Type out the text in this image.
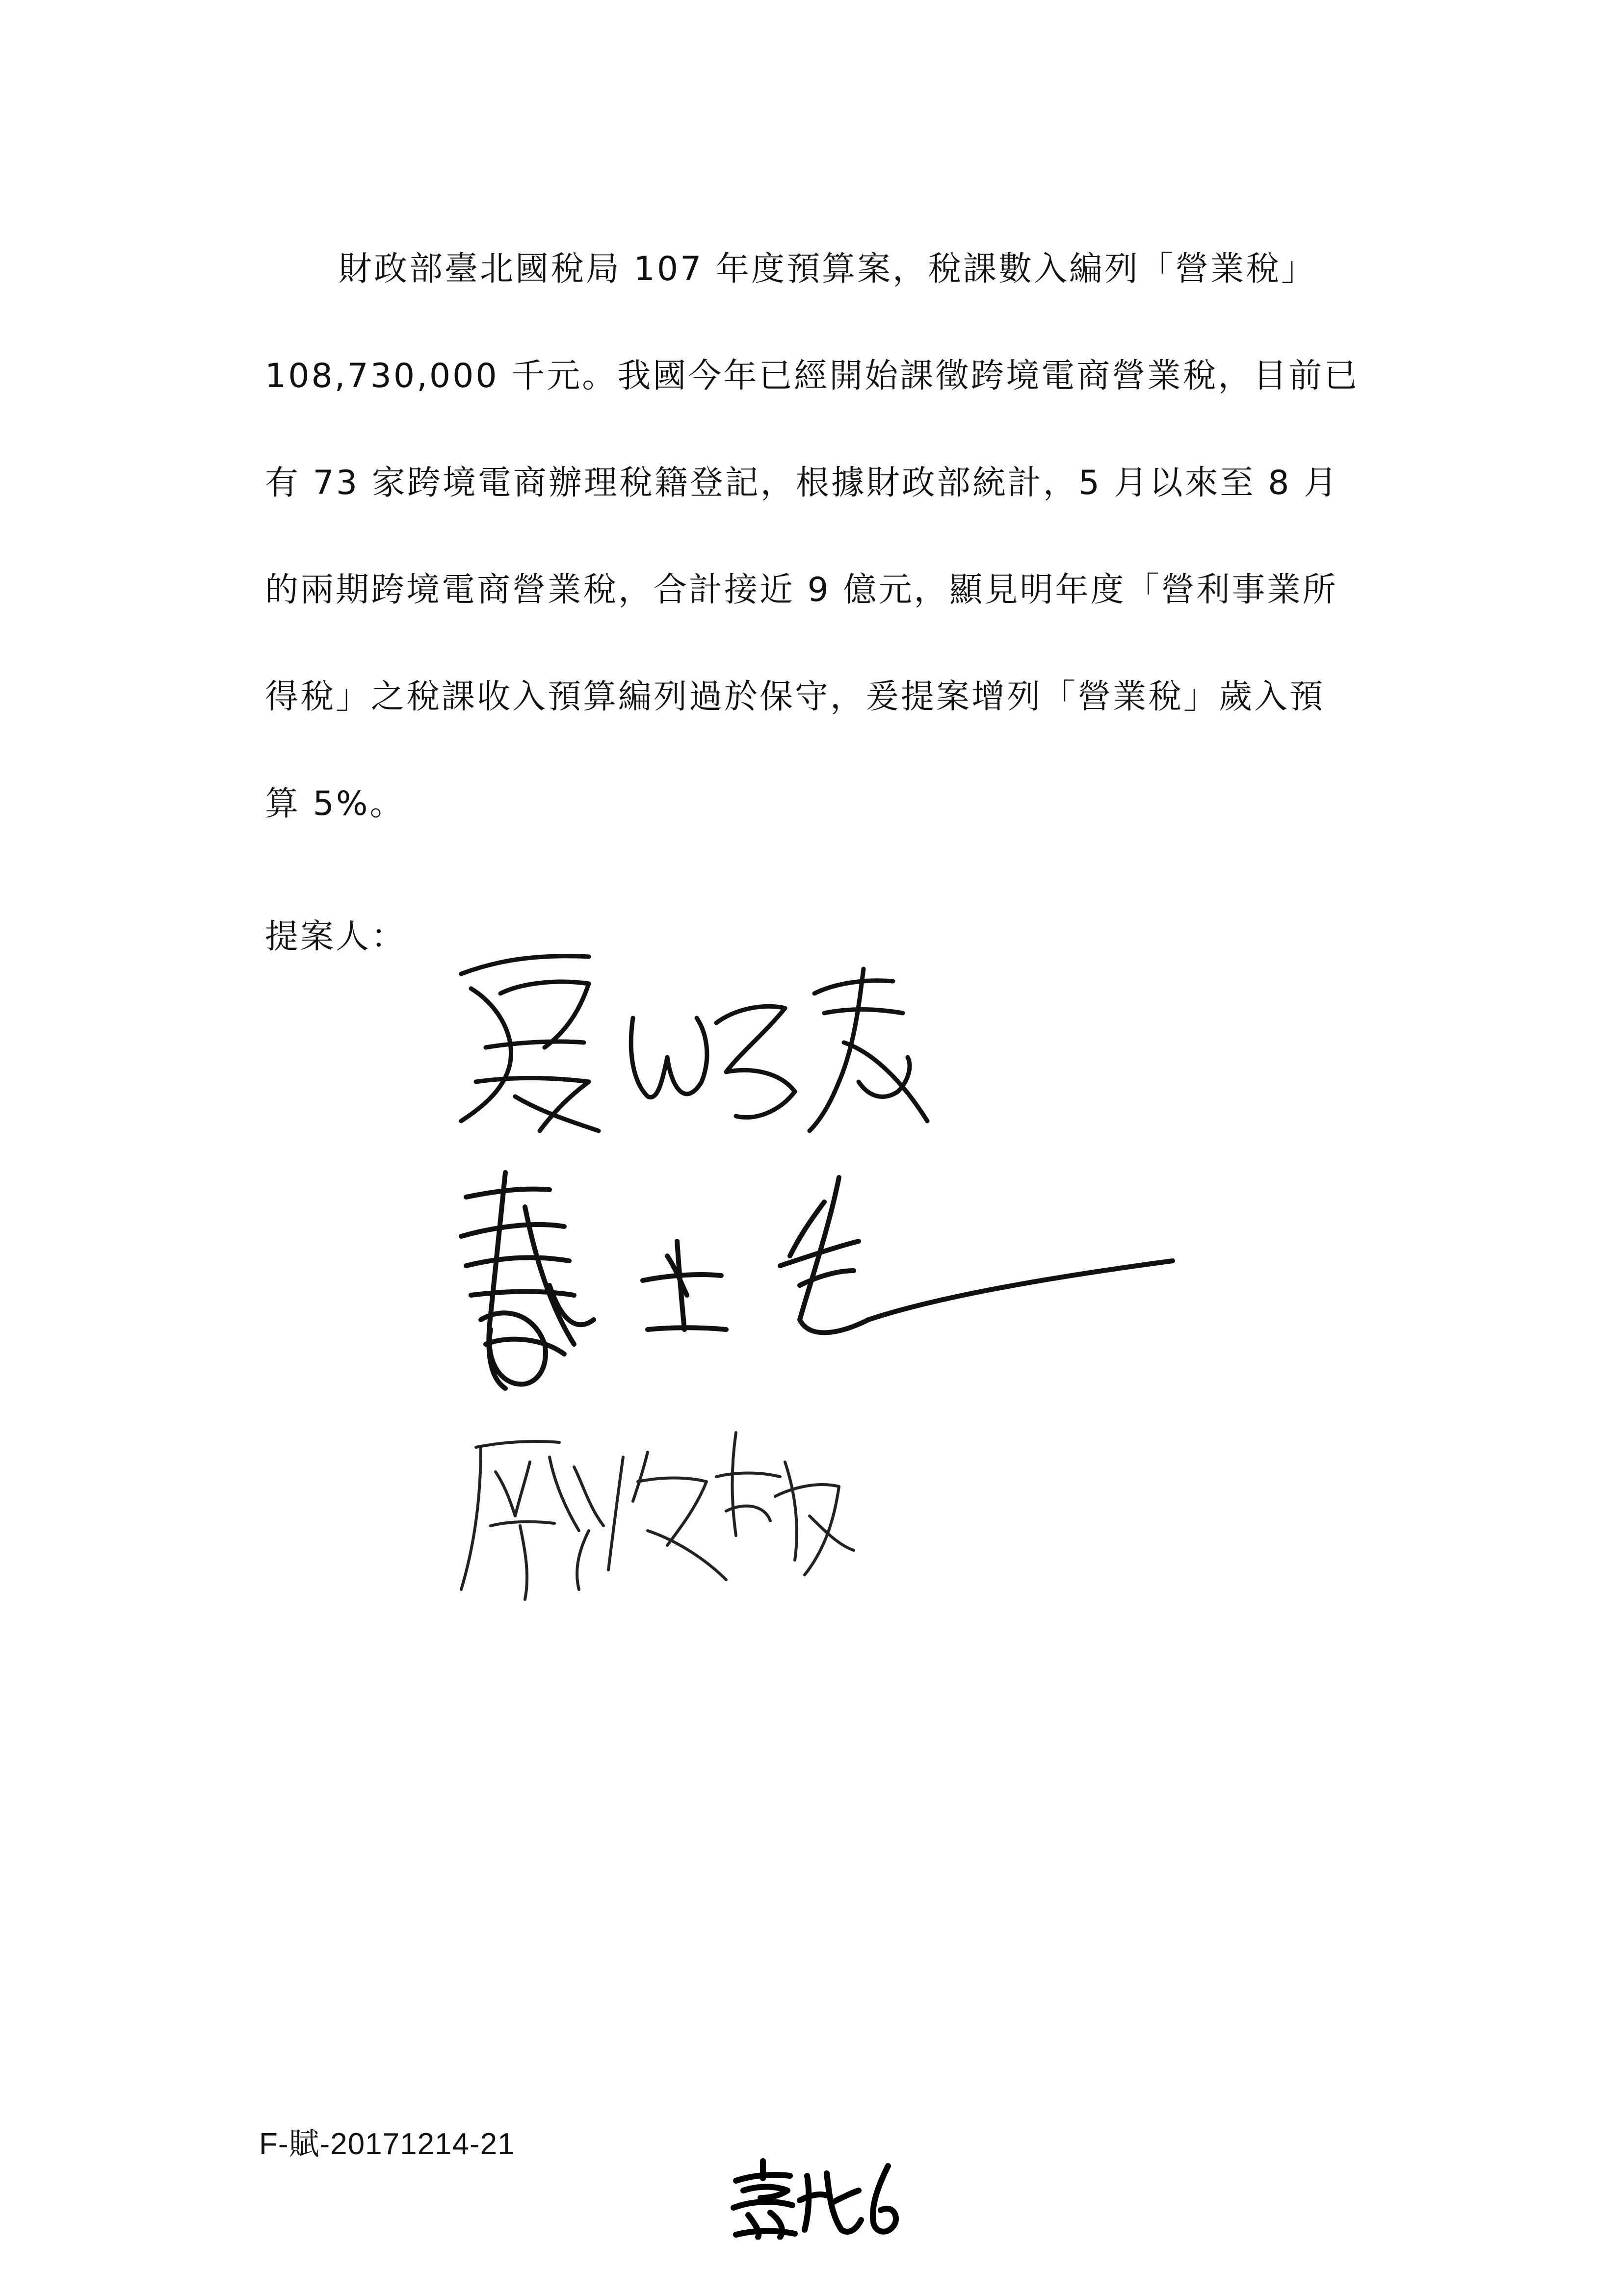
財政部臺北國稅局 107 年度預算案，稅課數入編列「營業稅」
108,730,000 千元。我國今年已經開始課徵跨境電商營業稅，目前已
有 73 家跨境電商辦理稅籍登記，根據財政部統計，5 月以來至 8 月
的兩期跨境電商營業稅，合計接近 9 億元，顯見明年度「營利事業所
得稅」之稅課收入預算編列過於保守，爰提案增列「營業稅」歲入預
算 5%。
提案人：
F-賦-20171214-21
